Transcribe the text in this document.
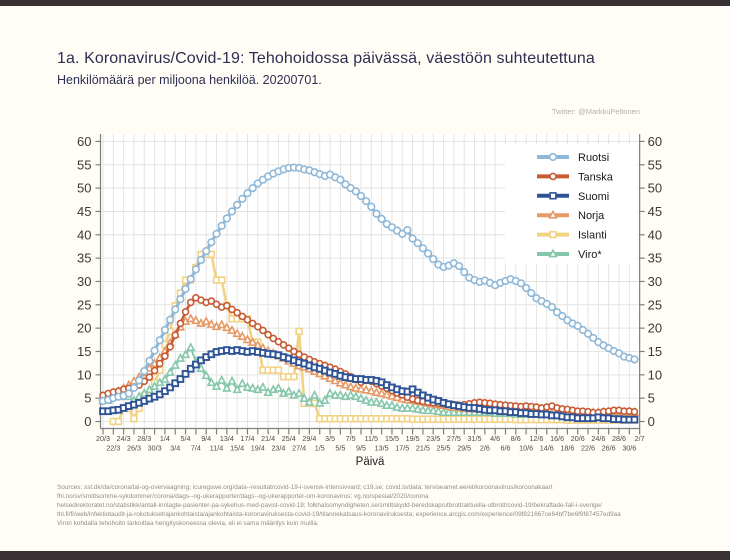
1a. Koronavirus/Covid-19: Tehohoidossa päivässä, väestöön suhteutettuna
Henkilömäärä per miljoona henkilöä. 20200701.
Twitter: @MarkkuPeltonen
0	0
5	5
10	10
15	15
20	20
25	25
30	30
35	35
40	40
45	45
50	50
55	55
60	60
20/3 24/3 28/3 1/4 5/4 9/4 13/4 17/4 21/4 25/4 29/4 3/5 7/5 11/5 15/5 19/5 23/5 27/5 31/5 4/6 8/6 12/6 16/6 20/6 24/6 28/6 2/7
22/3 26/3 30/3 3/4 7/4 11/4 15/4 19/4 23/4 27/4 1/5 5/5 9/5 13/5 17/5 21/5 25/5 29/5 2/6 6/6 10/6 14/6 18/6 22/6 26/6 30/6
Päivä
Ruotsi
Tanska
Suomi
Norja
Islanti
Viro*
Sources: sst.dk/da/corona/tal-og-overvaagning; icuregswe.org/data--resultat/covid-19-i-svensk-intensivvard; c19.se; covid.is/data; terviseamet.ee/et/koroonaviirus/koroonakaart
fhi.no/sv/smittsomme-sykdommer/corona/dags--og-ukerapporter/dags--og-ukerapporter-om-koronavirus; vg.no/spesial/2020/corona
helsedirektoratet.no/statistikk/antall-innlagte-pasienter-pa-sykehus-med-pavist-covid-19; folkhalsomyndigheten.se/smittskydd-beredskap/utbrott/aktuella-utbrott/covid-19/bekraftade-fall-i-sverige/
thl.fi/fi/web/infektiotaudit-ja-rokotukset/ajankohtaista/ajankohtaista-koronaviruksesta-covid-19/tilannekatsaus-koronaviruksesta; experience.arcgis.com/experience/09f821667ce64bf7be6f9f87457ed9aa
Viron kohdalla tehohoito tarkoittaa hengityskoneessa olevia, eli ei sama määritys kuin muilla.
